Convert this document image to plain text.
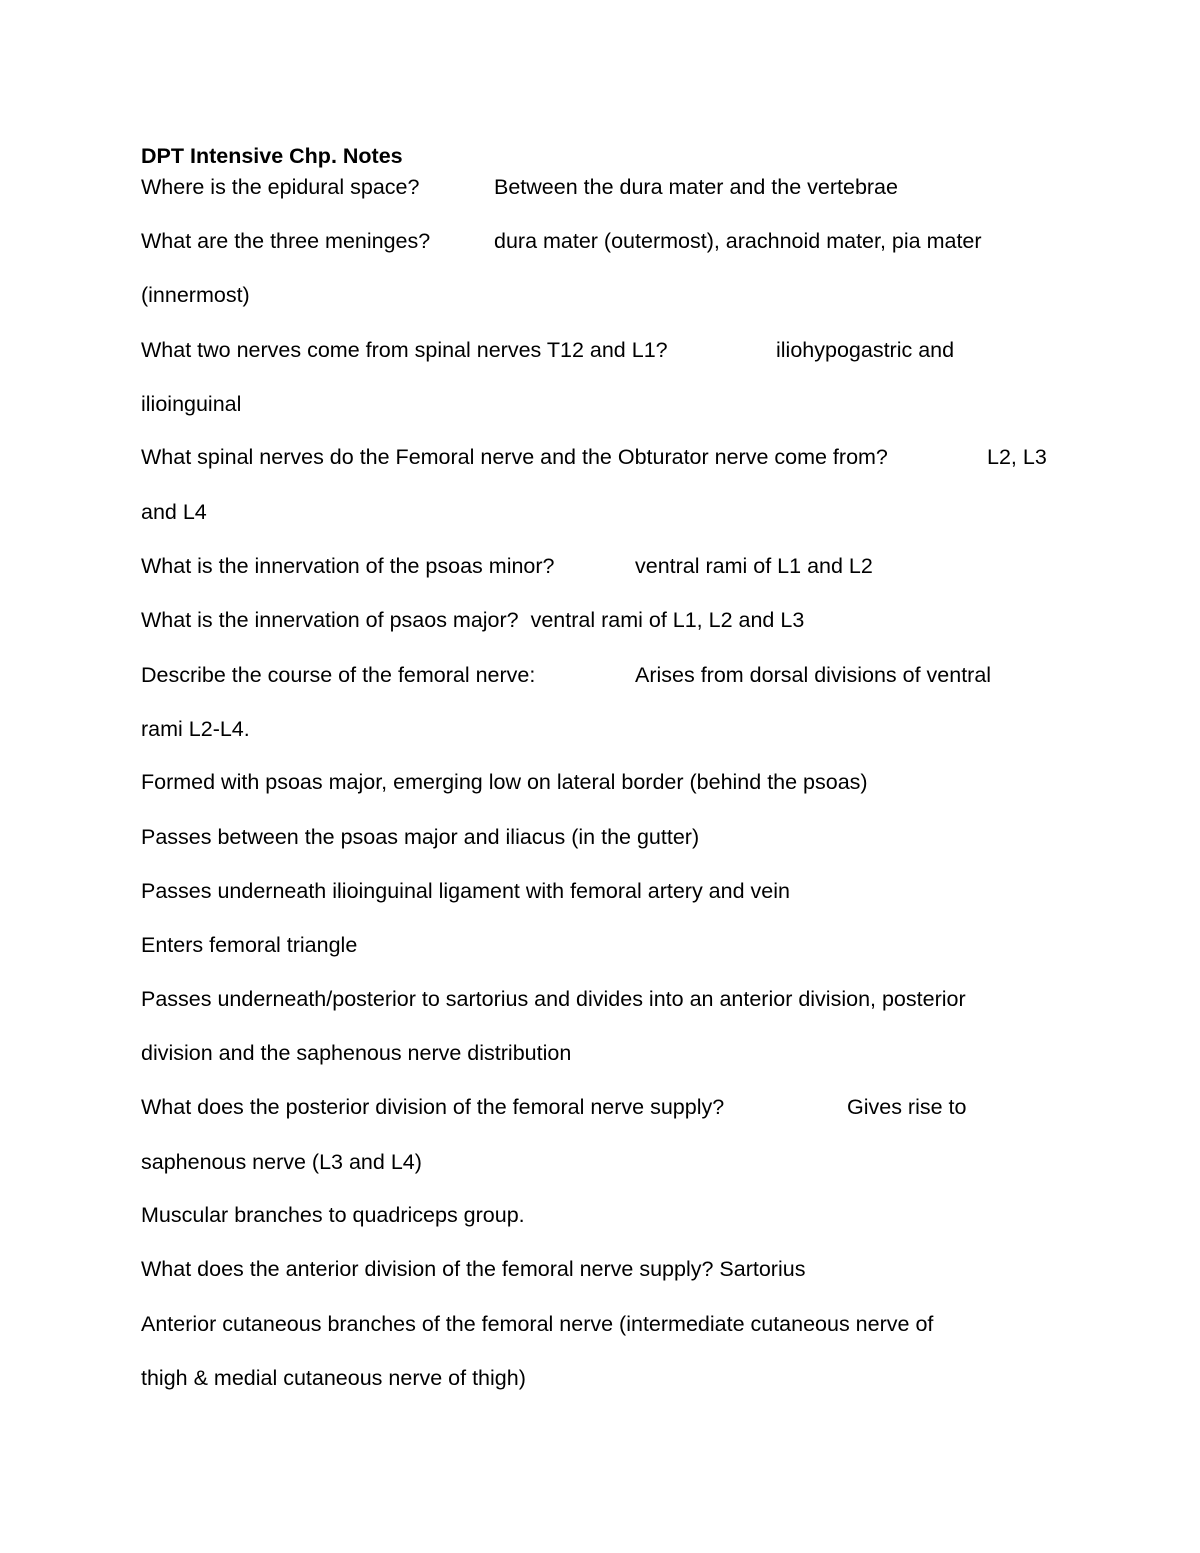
DPT Intensive Chp. Notes
Where is the epidural space?	Between the dura mater and the vertebrae
What are the three meninges?	dura mater (outermost), arachnoid mater, pia mater
(innermost)
What two nerves come from spinal nerves T12 and L1?	iliohypogastric and
ilioinguinal
What spinal nerves do the Femoral nerve and the Obturator nerve come from?	L2, L3
and L4
What is the innervation of the psoas minor?	ventral rami of L1 and L2
What is the innervation of psaos major?  ventral rami of L1, L2 and L3
Describe the course of the femoral nerve:	Arises from dorsal divisions of ventral
rami L2-L4.
Formed with psoas major, emerging low on lateral border (behind the psoas)
Passes between the psoas major and iliacus (in the gutter)
Passes underneath ilioinguinal ligament with femoral artery and vein
Enters femoral triangle
Passes underneath/posterior to sartorius and divides into an anterior division, posterior
division and the saphenous nerve distribution
What does the posterior division of the femoral nerve supply?	Gives rise to
saphenous nerve (L3 and L4)
Muscular branches to quadriceps group.
What does the anterior division of the femoral nerve supply? Sartorius
Anterior cutaneous branches of the femoral nerve (intermediate cutaneous nerve of
thigh & medial cutaneous nerve of thigh)
